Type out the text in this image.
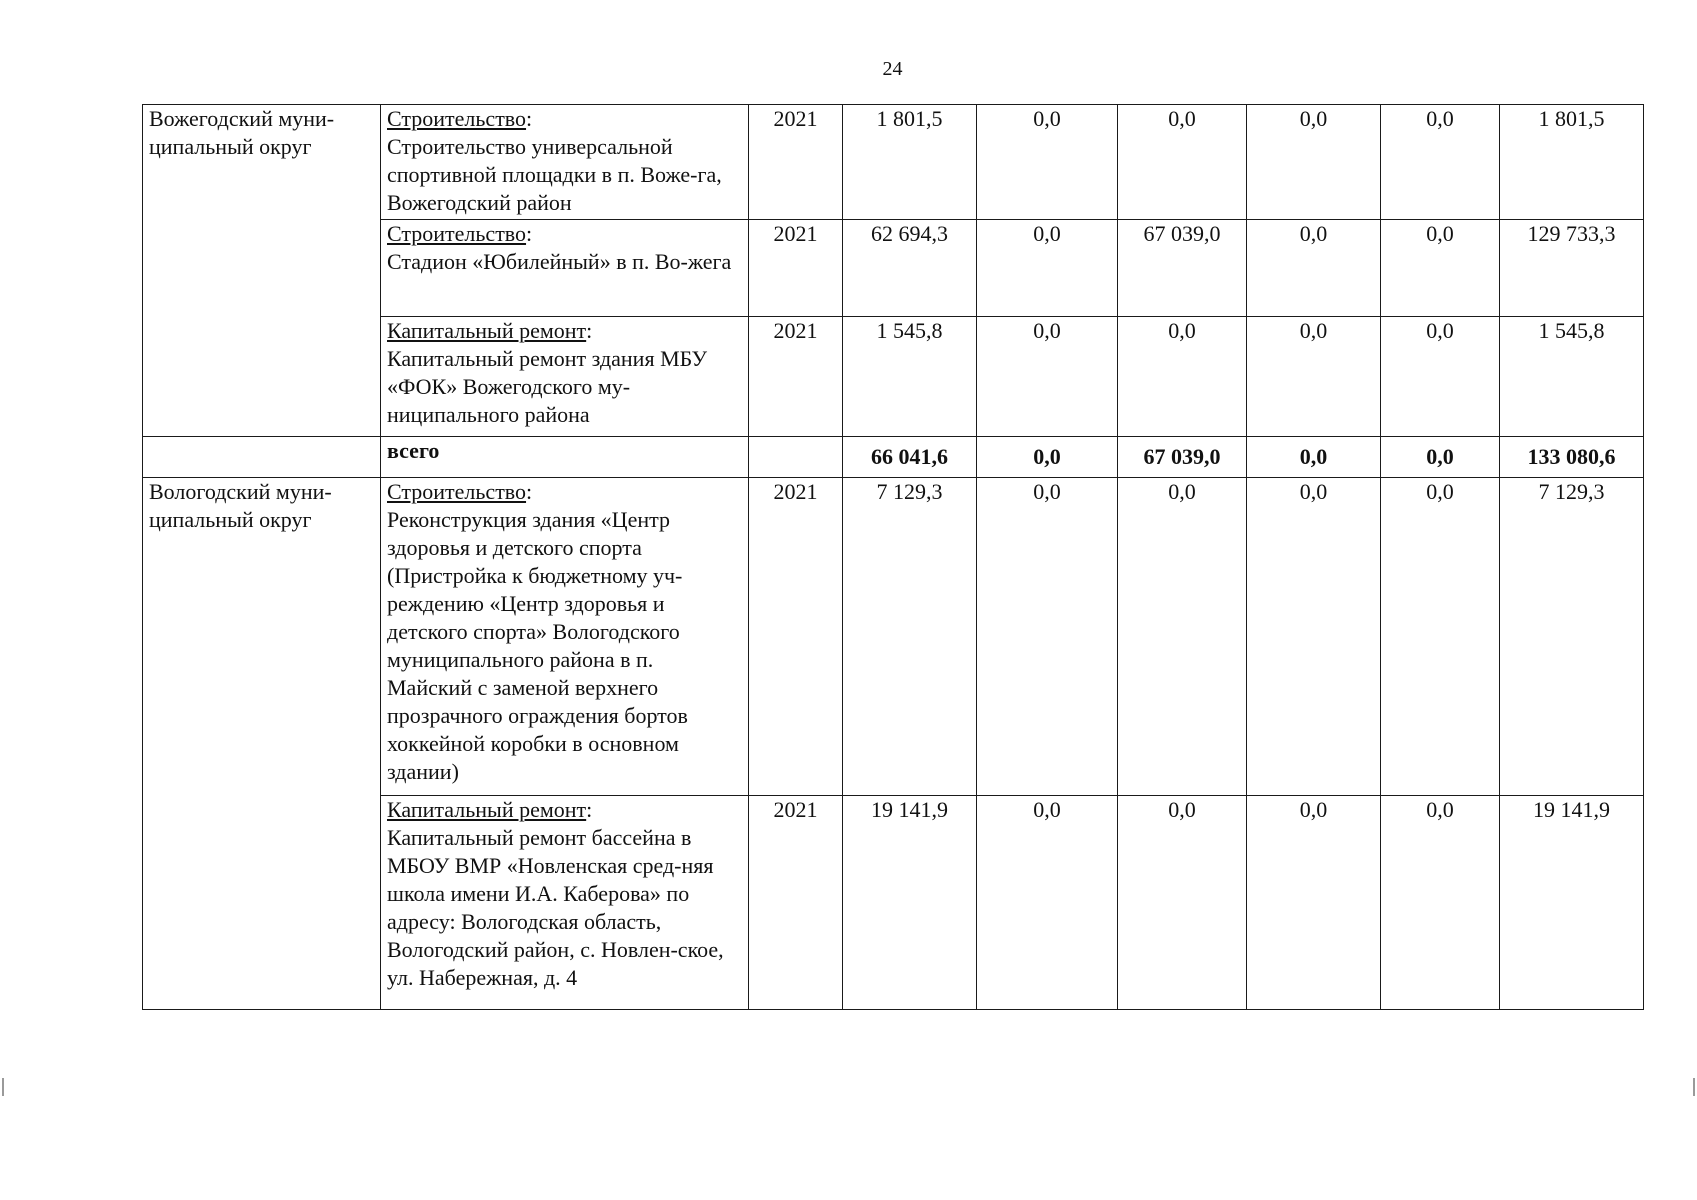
24
Вожегодский муни-ципальный округ	Строительство:
Строительство универсальной спортивной площадки в п. Воже-га, Вожегодский район	2021	1 801,5	0,0	0,0	0,0	0,0	1 801,5
	Строительство:
Стадион «Юбилейный» в п. Во-жега	2021	62 694,3	0,0	67 039,0	0,0	0,0	129 733,3
	Капитальный ремонт:
Капитальный ремонт здания МБУ «ФОК» Вожегодского му-ниципального района	2021	1 545,8	0,0	0,0	0,0	0,0	1 545,8
	всего		66 041,6	0,0	67 039,0	0,0	0,0	133 080,6
Вологодский муни-ципальный округ	Строительство:
Реконструкция здания «Центр здоровья и детского спорта (Пристройка к бюджетному уч-реждению «Центр здоровья и детского спорта» Вологодского муниципального района в п. Майский с заменой верхнего прозрачного ограждения бортов хоккейной коробки в основном здании)	2021	7 129,3	0,0	0,0	0,0	0,0	7 129,3
	Капитальный ремонт:
Капитальный ремонт бассейна в МБОУ ВМР «Новленская сред-няя школа имени И.А. Каберова» по адресу: Вологодская область, Вологодский район, с. Новлен-ское, ул. Набережная, д. 4	2021	19 141,9	0,0	0,0	0,0	0,0	19 141,9
